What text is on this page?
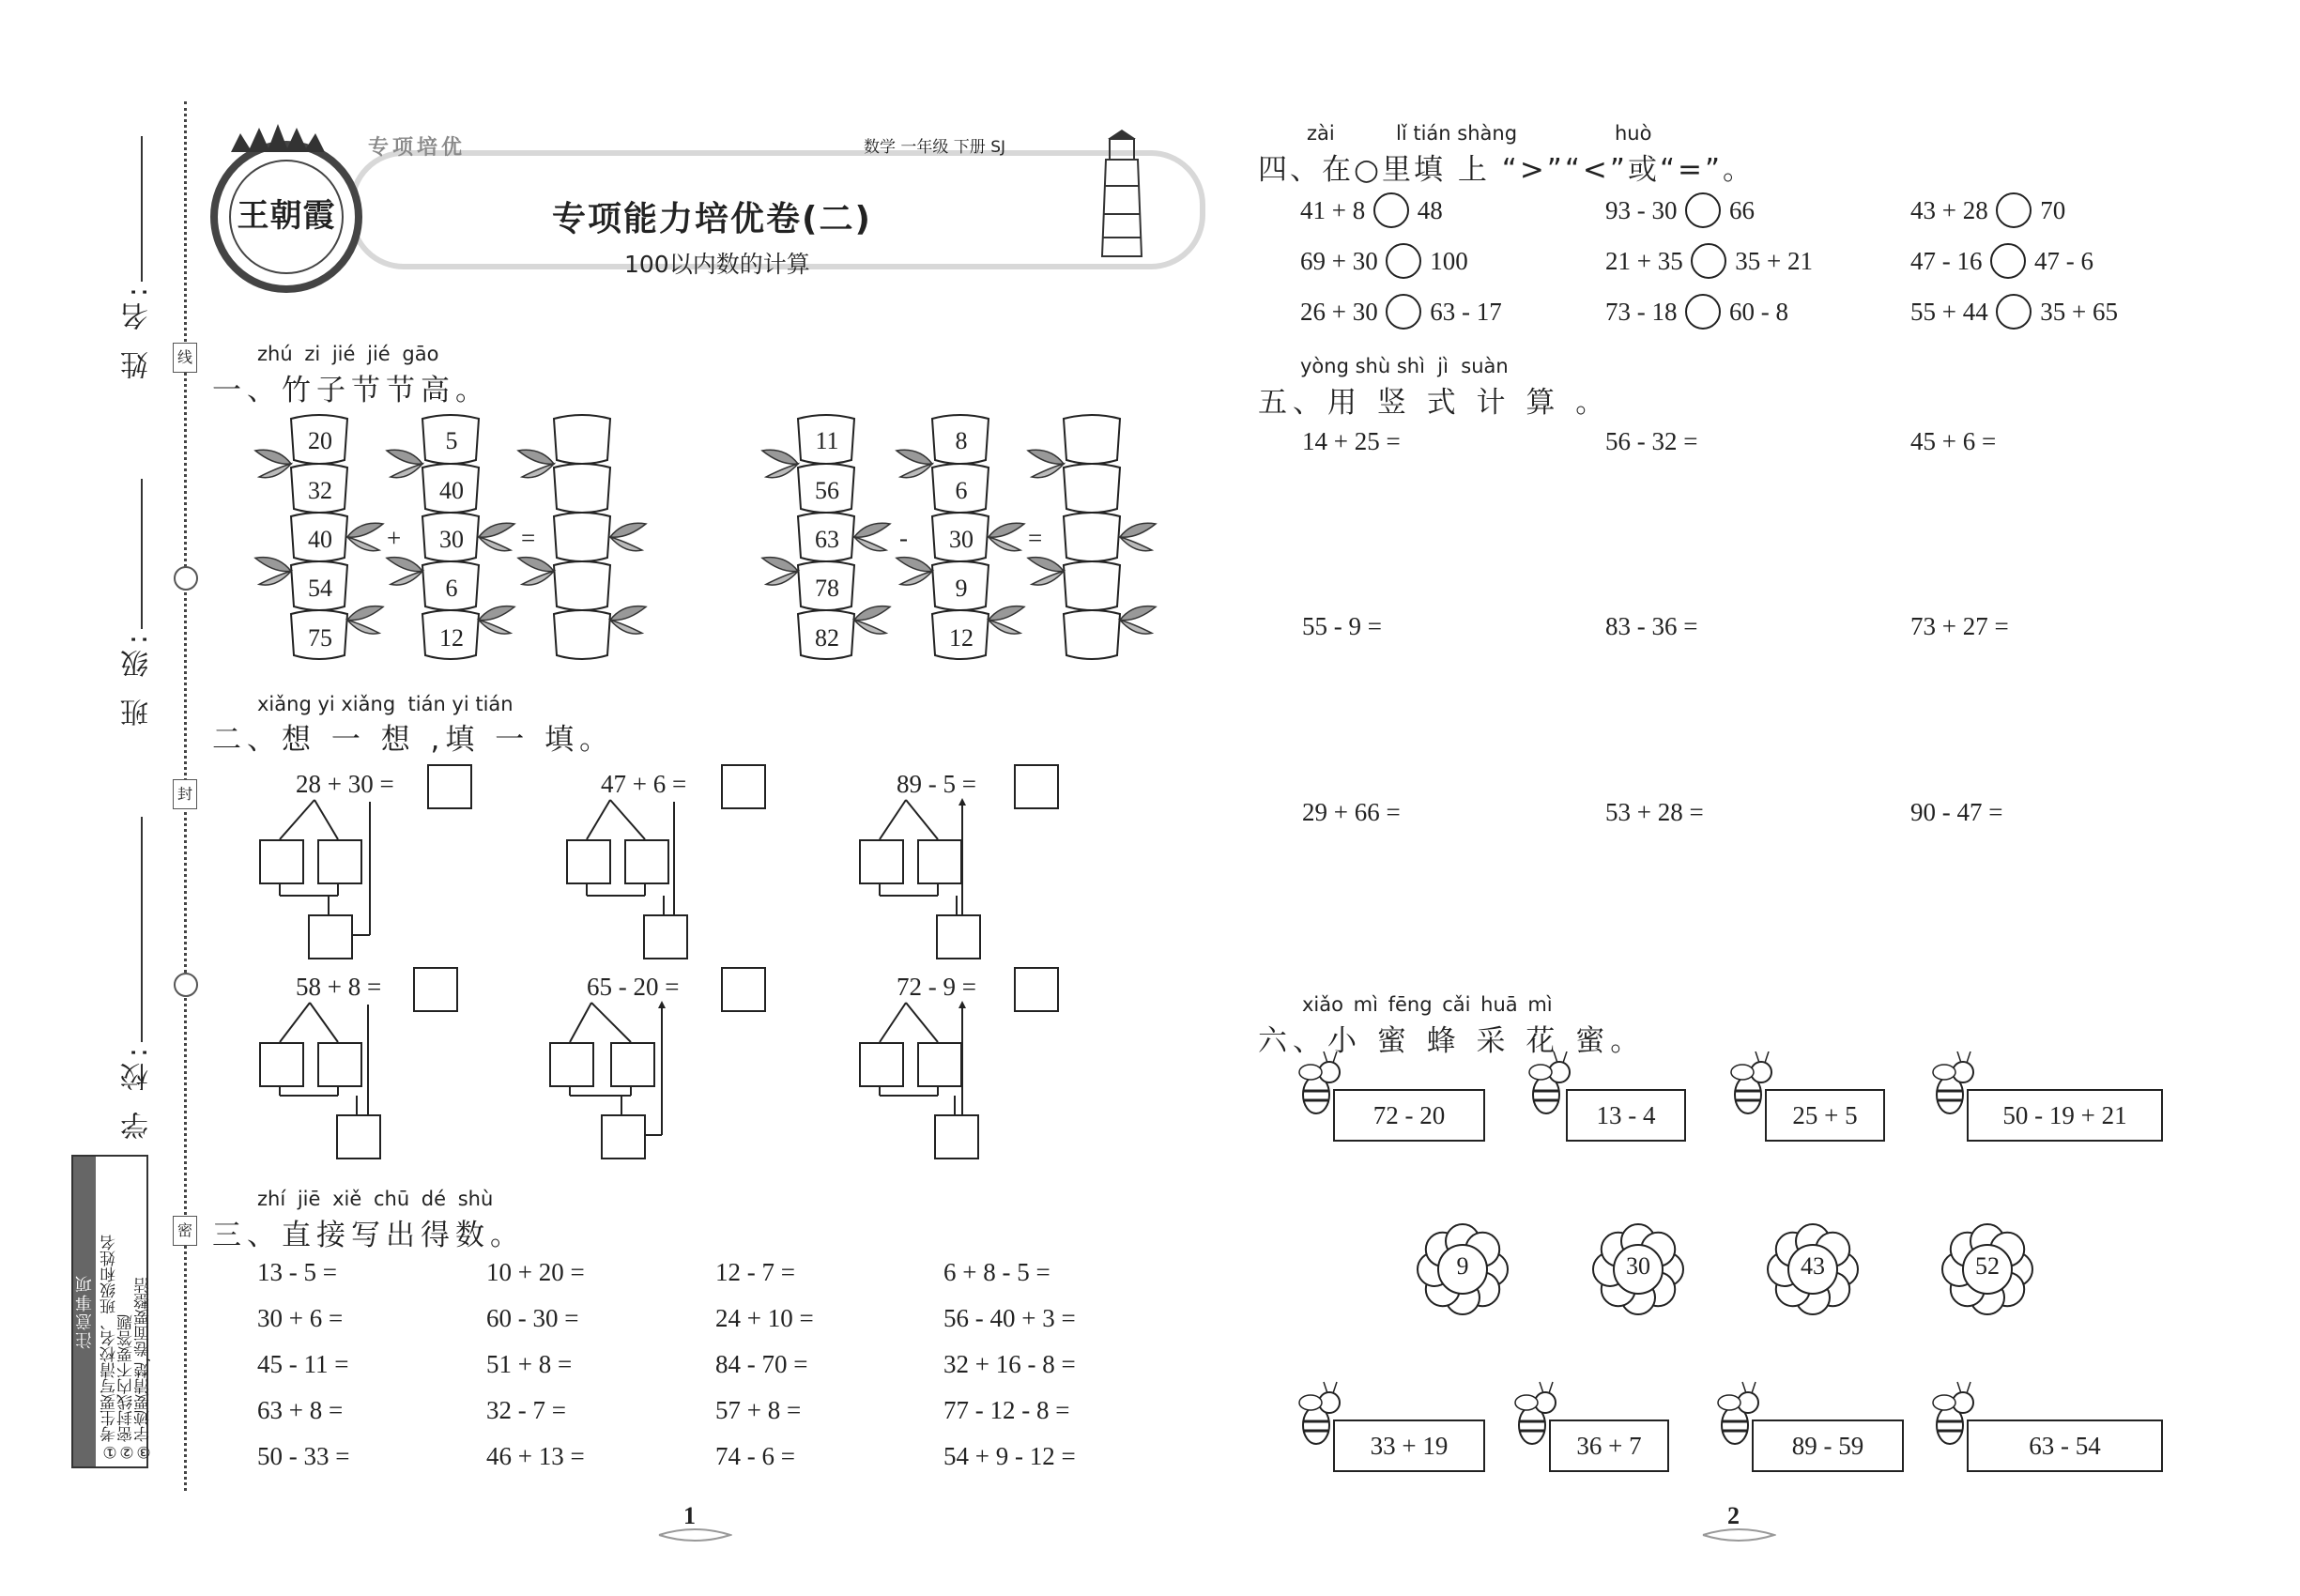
姓 名:
班 级:
学 校:
线
封
密
注意事项 ①考生要写清校名、班级和姓名
②密封线内不要答题
③字迹要清楚,卷面要整洁
王朝霞
专项培优	数学 一年级 下册 SJ
专项能力培优卷(二)
100以内数的计算
zhú zi jié jié gāo
一、竹子节节高。
20
32
40
54
75
5
40
30
6
12
+	=
11
56
63
78
82
8
6
30
9
12
-	=
xiǎng yi xiǎng  tián yi tián
二、想 一 想 ,填 一 填。
28 + 30 =	47 + 6 =	89 - 5 =
58 + 8 =	65 - 20 =	72 - 9 =
zhí jiē xiě chū dé shù
三、直接写出得数。
13 - 5 =	10 + 20 =	12 - 7 =	6 + 8 - 5 =
30 + 6 =	60 - 30 =	24 + 10 =	56 - 40 + 3 =
45 - 11 =	51 + 8 =	84 - 70 =	32 + 16 - 8 =
63 + 8 =	32 - 7 =	57 + 8 =	77 - 12 - 8 =
50 - 33 =	46 + 13 =	74 - 6 =	54 + 9 - 12 =
1
zài	lǐ tián shàng	huò
四、在○里填 上 “>”“<”或“=”。
41 + 8 48	93 - 30 66	43 + 28 70
69 + 30 100	21 + 35 35 + 21	47 - 16 47 - 6
26 + 30 63 - 17	73 - 18 60 - 8	55 + 44 35 + 65
yòng shù shì  jì  suàn
五、用 竖 式 计 算 。
14 + 25 =	56 - 32 =	45 + 6 =
55 - 9 =	83 - 36 =	73 + 27 =
29 + 66 =	53 + 28 =	90 - 47 =
xiǎo mì fēng cǎi huā mì
六、小 蜜 蜂 采 花 蜜。
72 - 20	13 - 4	25 + 5	50 - 19 + 21
9	30	43	52
33 + 19	36 + 7	89 - 59	63 - 54
2
